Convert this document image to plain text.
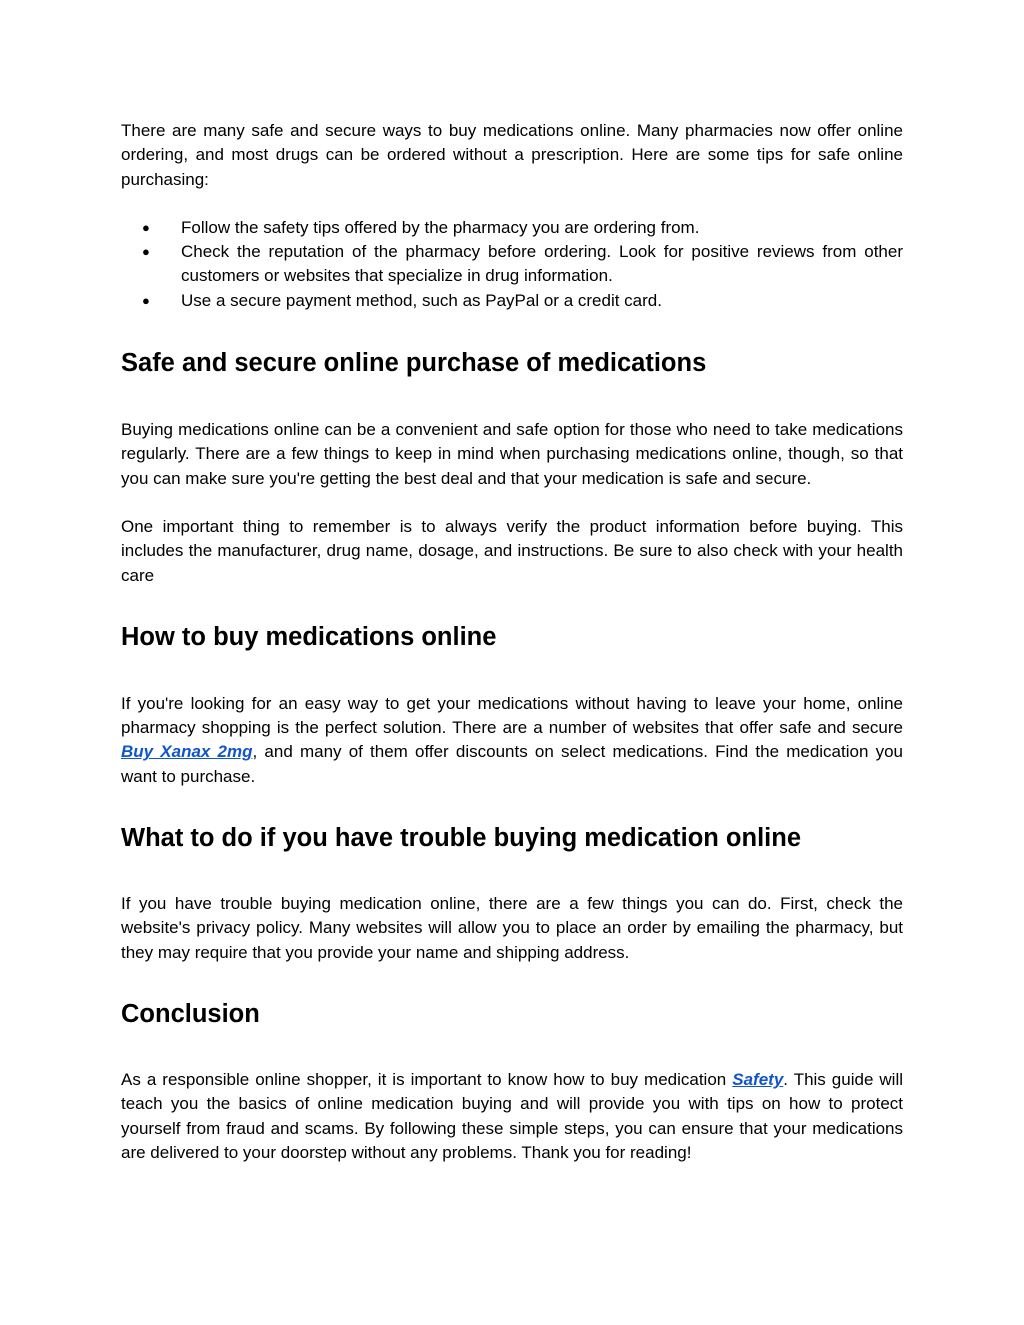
There are many safe and secure ways to buy medications online. Many pharmacies now offer online ordering, and most drugs can be ordered without a prescription. Here are some tips for safe online purchasing:

● Follow the safety tips offered by the pharmacy you are ordering from.
● Check the reputation of the pharmacy before ordering. Look for positive reviews from other customers or websites that specialize in drug information.
● Use a secure payment method, such as PayPal or a credit card.
Safe and secure online purchase of medications

Buying medications online can be a convenient and safe option for those who need to take medications regularly. There are a few things to keep in mind when purchasing medications online, though, so that you can make sure you're getting the best deal and that your medication is safe and secure.

One important thing to remember is to always verify the product information before buying. This includes the manufacturer, drug name, dosage, and instructions. Be sure to also check with your health care

How to buy medications online

If you're looking for an easy way to get your medications without having to leave your home, online pharmacy shopping is the perfect solution. There are a number of websites that offer safe and secure Buy Xanax 2mg, and many of them offer discounts on select medications. Find the medication you want to purchase.

What to do if you have trouble buying medication online

If you have trouble buying medication online, there are a few things you can do. First, check the website's privacy policy. Many websites will allow you to place an order by emailing the pharmacy, but they may require that you provide your name and shipping address.

Conclusion

As a responsible online shopper, it is important to know how to buy medication Safety. This guide will teach you the basics of online medication buying and will provide you with tips on how to protect yourself from fraud and scams. By following these simple steps, you can ensure that your medications are delivered to your doorstep without any problems. Thank you for reading!
